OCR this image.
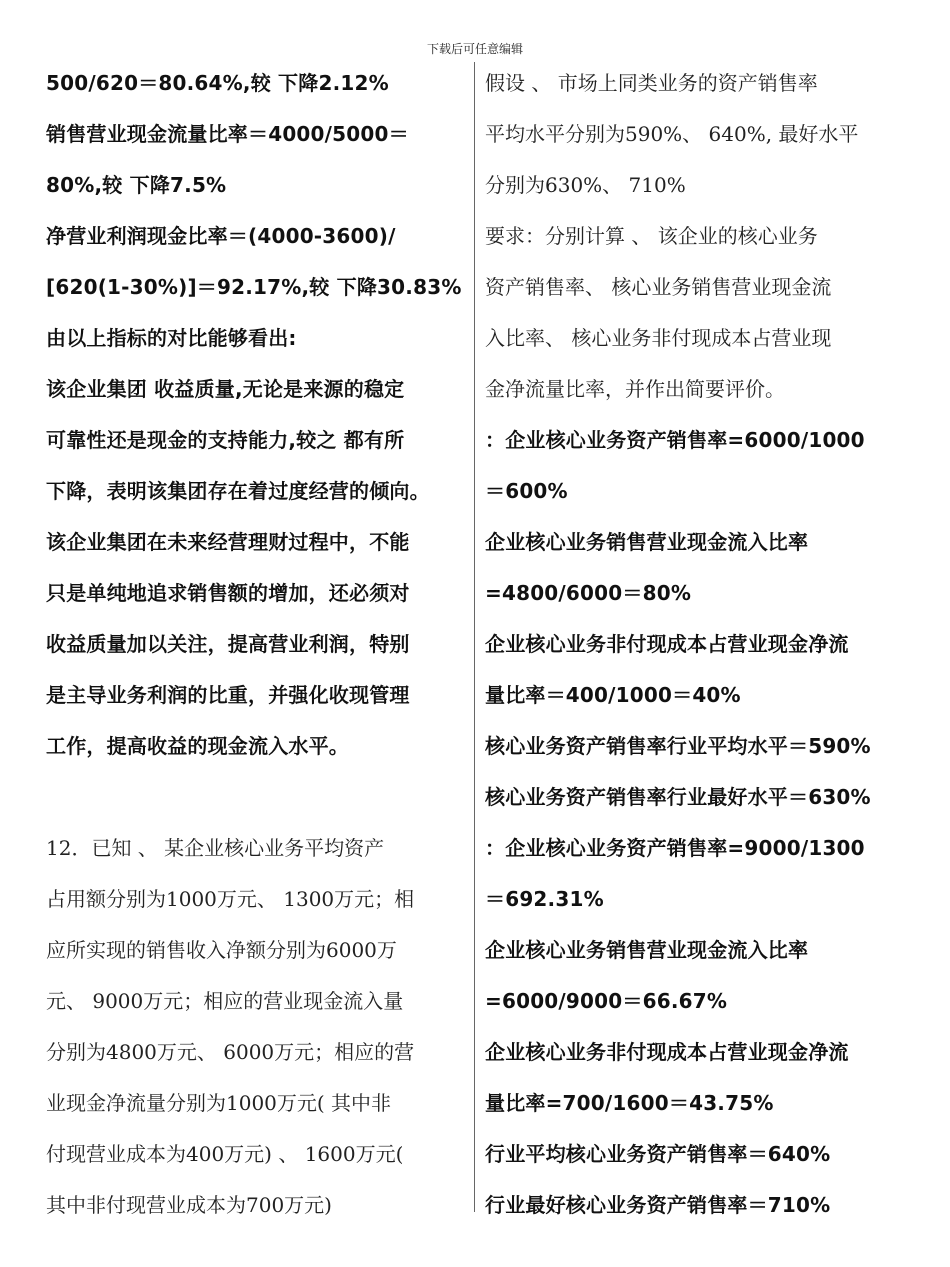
下载后可任意编辑
500/620＝80.64%,较 下降2.12%
销售营业现金流量比率＝4000/5000＝
80%,较 下降7.5%
净营业利润现金比率＝(4000-3600)/
[620(1-30%)]＝92.17%,较 下降30.83%
由以上指标的对比能够看出:
该企业集团 收益质量,无论是来源的稳定
可靠性还是现金的支持能力,较之 都有所
下降，表明该集团存在着过度经营的倾向。
该企业集团在未来经营理财过程中，不能
只是单纯地追求销售额的增加，还必须对
收益质量加以关注，提高营业利润，特别
是主导业务利润的比重，并强化收现管理
工作，提高收益的现金流入水平。
12．已知 、 某企业核心业务平均资产
占用额分别为1000万元、 1300万元；相
应所实现的销售收入净额分别为6000万
元、 9000万元；相应的营业现金流入量
分别为4800万元、 6000万元；相应的营
业现金净流量分别为1000万元( 其中非
付现营业成本为400万元) 、 1600万元(
其中非付现营业成本为700万元)
假设 、 市场上同类业务的资产销售率
平均水平分别为590%、 640%, 最好水平
分别为630%、 710%
要求：分别计算 、 该企业的核心业务
资产销售率、 核心业务销售营业现金流
入比率、 核心业务非付现成本占营业现
金净流量比率，并作出简要评价。
：企业核心业务资产销售率=6000/1000
＝600%
企业核心业务销售营业现金流入比率
=4800/6000＝80%
企业核心业务非付现成本占营业现金净流
量比率＝400/1000＝40%
核心业务资产销售率行业平均水平＝590%
核心业务资产销售率行业最好水平＝630%
：企业核心业务资产销售率=9000/1300
＝692.31%
企业核心业务销售营业现金流入比率
=6000/9000＝66.67%
企业核心业务非付现成本占营业现金净流
量比率=700/1600＝43.75%
行业平均核心业务资产销售率＝640%
行业最好核心业务资产销售率＝710%
